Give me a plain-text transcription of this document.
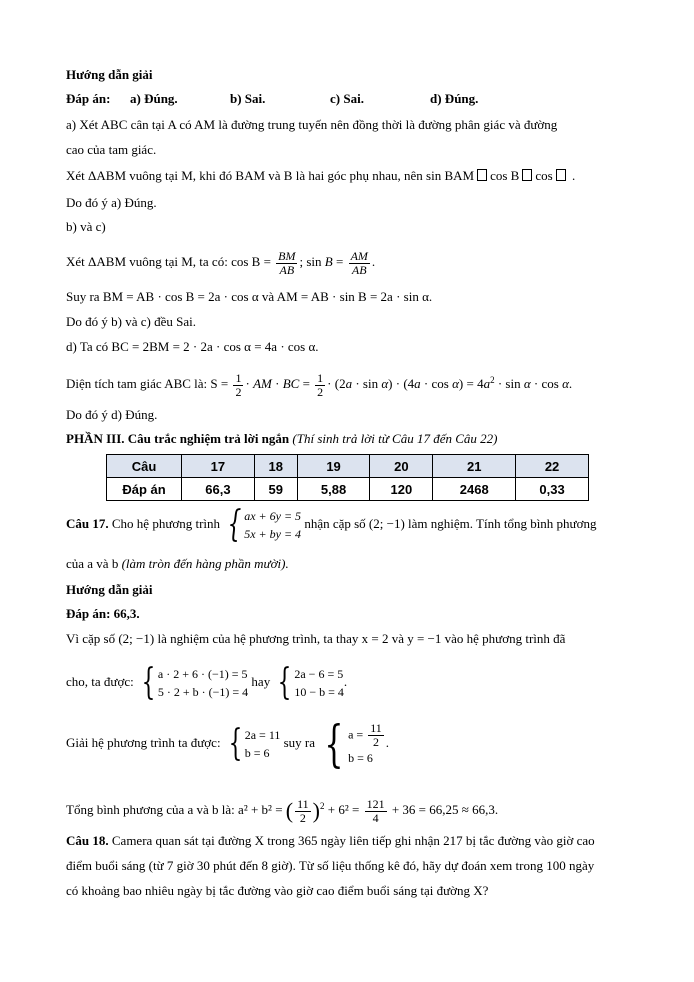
Hướng dẫn giải
Đáp án: a) Đúng.	b) Sai.	c) Sai.	d) Đúng.
a) Xét ABC cân tại A có AM là đường trung tuyến nên đồng thời là đường phân giác và đường
cao của tam giác.
Xét ΔABM vuông tại M, khi đó BAM và B là hai góc phụ nhau, nên sin BAM cos B cos .
Do đó ý a) Đúng.
b) và c)
Xét ΔABM vuông tại M, ta có: $\cos B = \frac{BM}{AB}$ ; $\sin B = \frac{AM}{AB}$ .
Suy ra BM = AB · cos B = 2a · cos α và AM = AB · sin B = 2a · sin α.
Do đó ý b) và c) đều Sai.
d) Ta có BC = 2BM = 2 · 2a · cos α = 4a · cos α.
Diện tích tam giác ABC là: $S = \frac{1}{2}$ · AM · BC = $\frac{1}{2} \cdot (2a \cdot \sin \alpha) \cdot (4a \cdot \cos \alpha) = 4a^2 \cdot \sin \alpha \cdot \cos \alpha$.
Do đó ý d) Đúng.
PHẦN III. Câu trắc nghiệm trả lời ngắn (Thí sinh trả lời từ Câu 17 đến Câu 22)
Câu	17	18	19	20	21	22
Đáp án	66,3	59	5,88	120	2468	0,33
Câu 17. Cho hệ phương trình { ax + 6y = 5
5x + by = 4
nhận cặp số (2; −1) làm nghiệm. Tính tổng bình phương
của a và b (làm tròn đến hàng phần mười).
Hướng dẫn giải
Đáp án: 66,3.
Vì cặp số (2; −1) là nghiệm của hệ phương trình, ta thay x = 2 và y = −1 vào hệ phương trình đã
cho, ta được: { a · 2 + 6 · (−1) = 5
5 · 2 + b · (−1) = 4
hay { 2a − 6 = 5
10 − b = 4
.
Giải hệ phương trình ta được: { 2a = 11
b = 6
suy ra { $a = \frac{11}{2}$
b = 6
.
Tổng bình phương của a và b là: a² + b² = ( $\frac{11}{2} )^2 + 6^2 = \frac{121}{4} + 36 = 66,25 \approx 66,3$.
Câu 18. Camera quan sát tại đường X trong 365 ngày liên tiếp ghi nhận 217 bị tắc đường vào giờ cao
điểm buổi sáng (từ 7 giờ 30 phút đến 8 giờ). Từ số liệu thống kê đó, hãy dự đoán xem trong 100 ngày
có khoảng bao nhiêu ngày bị tắc đường vào giờ cao điểm buổi sáng tại đường X?
